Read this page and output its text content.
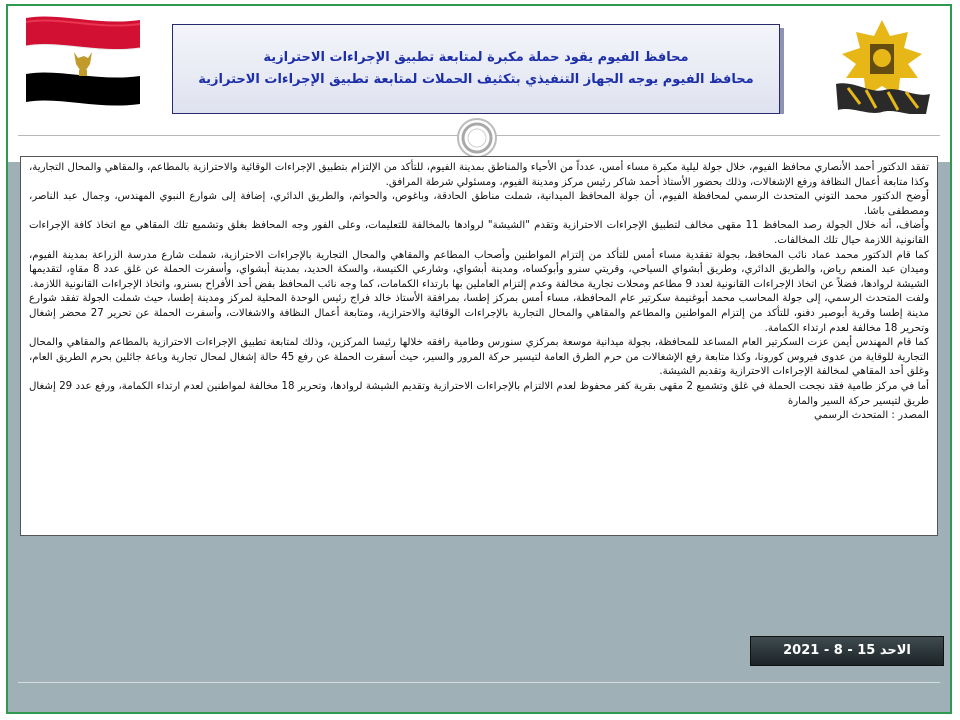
محافظ الفيوم يقود حملة مكبرة لمتابعة تطبيق الإجراءات الاحترازية

محافظ الفيوم يوجه الجهاز التنفيذي بتكثيف الحملات لمتابعة تطبيق الإجراءات الاحترازية

تفقد الدكتور أحمد الأنصاري محافظ الفيوم، خلال جولة ليلية مكبرة مساء أمس، عدداً من الأحياء والمناطق بمدينة الفيوم، للتأكد من الإلتزام بتطبيق الإجراءات الوقائية والاحترازية بالمطاعم، والمقاهي والمحال التجارية، وكذا متابعة أعمال النظافة ورفع الإشغالات، وذلك بحضور الأستاذ أحمد شاكر رئيس مركز ومدينة الفيوم، ومسئولي شرطة المرافق.

أوضح الدكتور محمد التوني المتحدث الرسمي لمحافظة الفيوم، أن جولة المحافظ الميدانية، شملت مناطق الحادقة، وباغوص، والحواتم، والطريق الدائري، إضافة إلى شوارع النبوي المهندس، وجمال عبد الناصر، ومصطفى باشا.

وأضاف، أنه خلال الجولة رصد المحافظ 11 مقهى مخالف لتطبيق الإجراءات الاحترازية وتقدم "الشيشة" لروادها بالمخالفة للتعليمات، وعلى الفور وجه المحافظ بغلق وتشميع تلك المقاهي مع اتخاذ كافة الإجراءات القانونية اللازمة حيال تلك المخالفات.

كما قام الدكتور محمد عماد نائب المحافظ، بجولة تفقدية مساء أمس للتأكد من إلتزام المواطنين وأصحاب المطاعم والمقاهي والمحال التجارية بالإجراءات الاحترازية، شملت شارع مدرسة الزراعة بمدينة الفيوم، وميدان عبد المنعم رياض، والطريق الدائري، وطريق أبشواي السياحي، وقريتي سنرو وأبوكساه، ومدينة أبشواي، وشارعي الكنيسة، والسكة الحديد، بمدينة أبشواي، وأسفرت الحملة عن غلق عدد 8 مقاهٍ، لتقديمها الشيشة لروادها، فضلاً عن اتخاذ الإجراءات القانونية لعدد 9 مطاعم ومحلات تجارية مخالفة وعدم إلتزام العاملين بها بارتداء الكمامات، كما وجه نائب المحافظ بفض أحد الأفراح بسنرو، واتخاذ الإجراءات القانونية اللازمة.

ولفت المتحدث الرسمي، إلى جولة المحاسب محمد أبوغنيمة سكرتير عام المحافظة، مساء أمس بمركز إطسا، بمرافقة الأستاذ خالد فراج رئيس الوحدة المحلية لمركز ومدينة إطسا، حيث شملت الجولة تفقد شوارع مدينة إطسا وقرية أبوصير دفنو، للتأكد من إلتزام المواطنين والمطاعم والمقاهي والمحال التجارية بالإجراءات الوقائية والاحترازية، ومتابعة أعمال النظافة والاشغالات، وأسفرت الحملة عن تحرير 27 محضر إشغال وتحرير 18 مخالفة لعدم ارتداء الكمامة.

كما قام المهندس أيمن عزت السكرتير العام المساعد للمحافظة، بجولة ميدانية موسعة بمركزي سنورس وطامية رافقه خلالها رئيسا المركزين، وذلك لمتابعة تطبيق الإجراءات الاحترازية بالمطاعم والمقاهي والمحال التجارية للوقاية من عدوى فيروس كورونا، وكذا متابعة رفع الإشغالات من حرم الطرق العامة لتيسير حركة المرور والسير، حيث أسفرت الحملة عن رفع 45 حالة إشغال لمحال تجارية وباعة جائلين بحرم الطريق العام، وغلق أحد المقاهي لمخالفة الإجراءات الاحترازية وتقديم الشيشة.

أما في مركز طامية فقد نجحت الحملة في غلق وتشميع 2 مقهى بقرية كفر محفوظ لعدم الالتزام بالإجراءات الاحترازية وتقديم الشيشة لروادها، وتحرير 18 مخالفة لمواطنين لعدم ارتداء الكمامة، ورفع عدد 29 إشغال طريق لتيسير حركة السير والمارة

المصدر : المتحدث الرسمي

الاحد 15 - 8 - 2021
